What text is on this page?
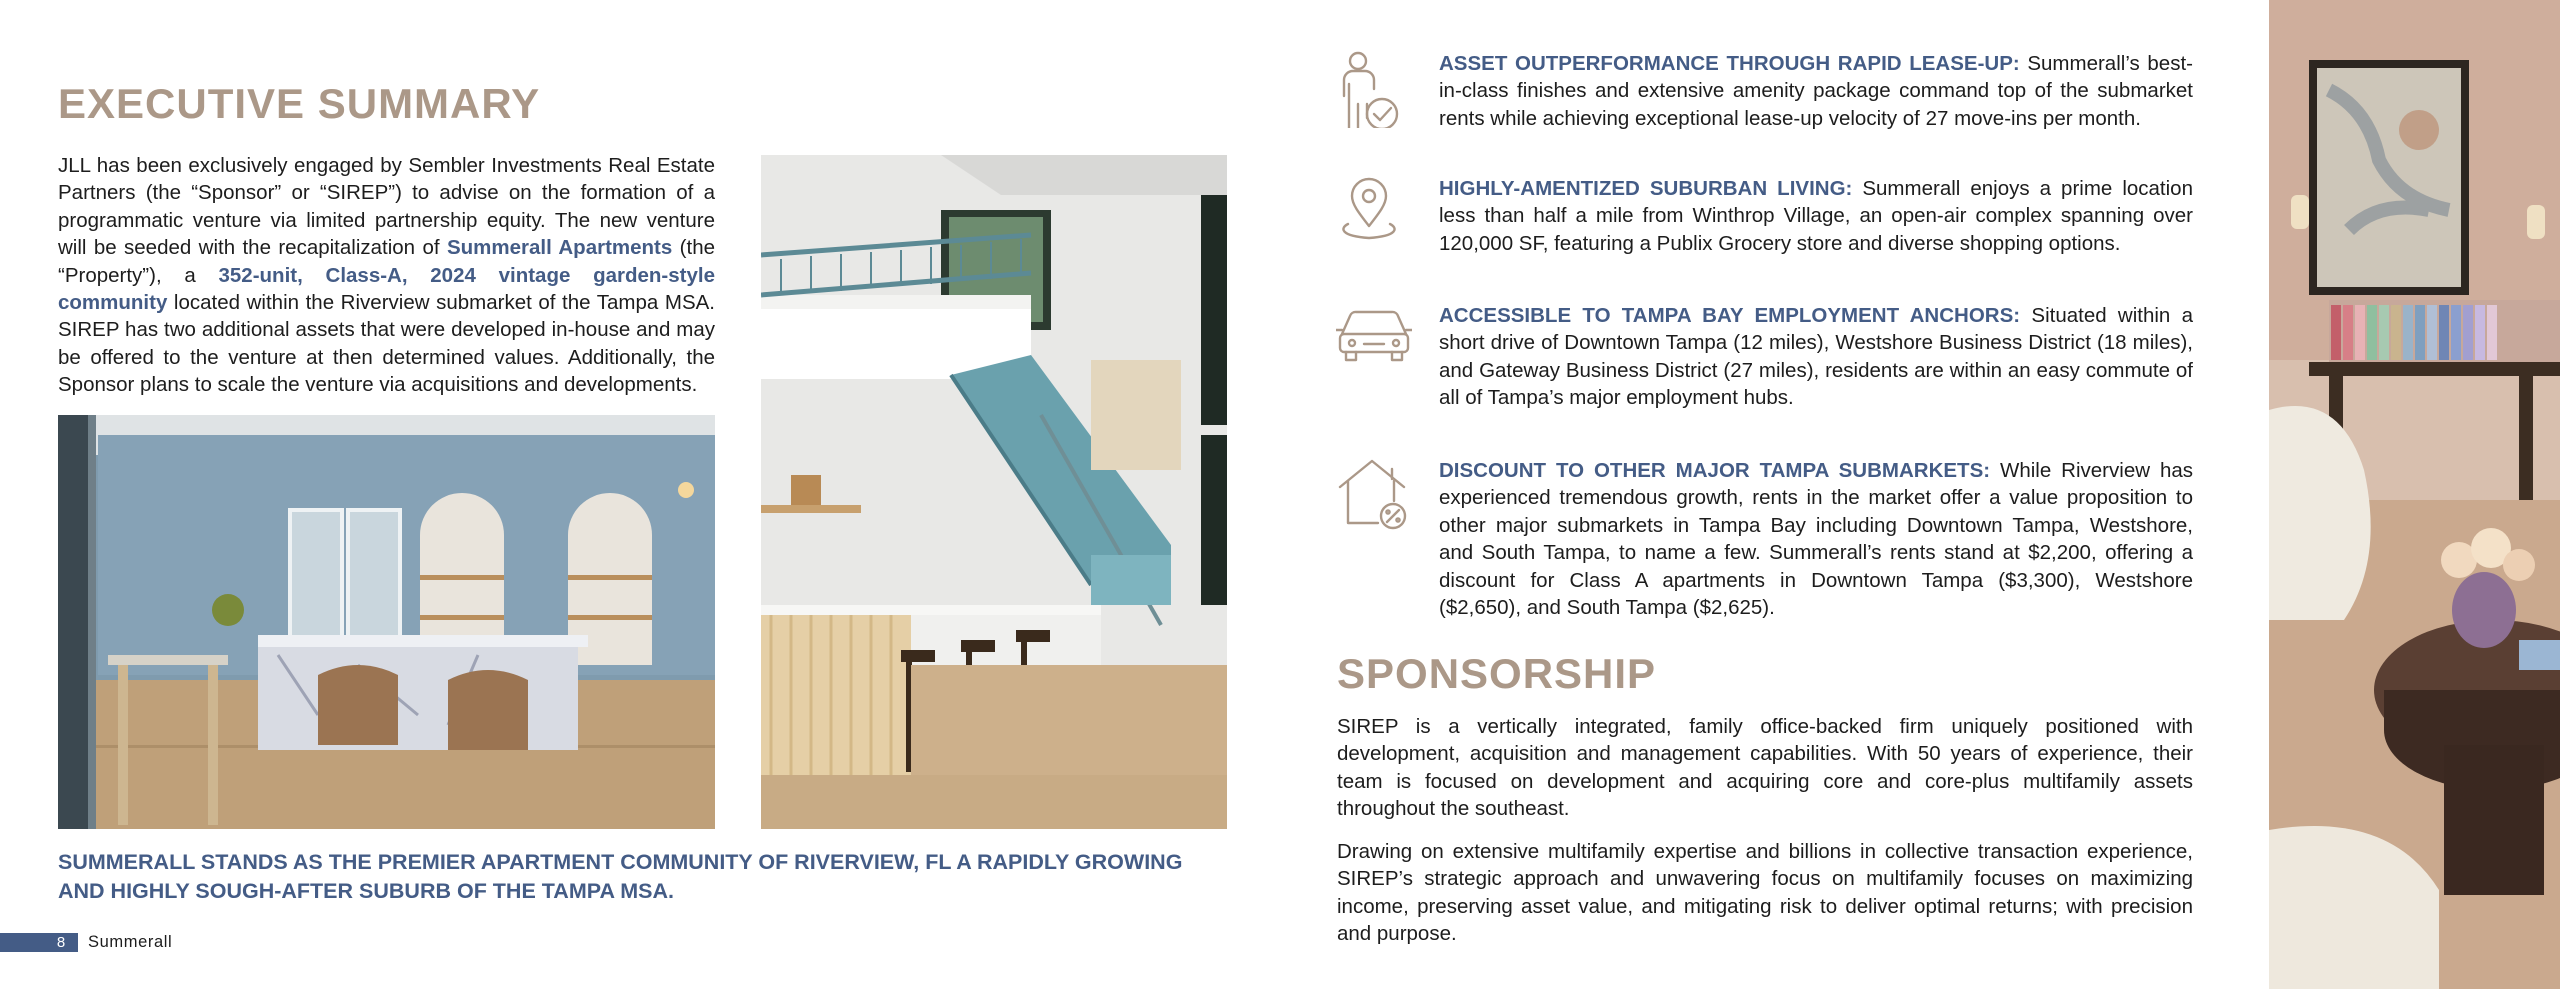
EXECUTIVE SUMMARY
JLL has been exclusively engaged by Sembler Investments Real Estate Partners (the “Sponsor” or “SIREP”) to advise on the formation of a programmatic venture via limited partnership equity. The new venture will be seeded with the recapitalization of Summerall Apartments (the “Property”), a 352-unit, Class-A, 2024 vintage garden-style community located within the Riverview submarket of the Tampa MSA. SIREP has two additional assets that were developed in-house and may be offered to the venture at then determined values. Additionally, the Sponsor plans to scale the venture via acquisitions and developments.
SUMMERALL STANDS AS THE PREMIER APARTMENT COMMUNITY OF RIVERVIEW, FL A RAPIDLY GROWING AND HIGHLY SOUGH-AFTER SUBURB OF THE TAMPA MSA.
8 Summerall
ASSET OUTPERFORMANCE THROUGH RAPID LEASE-UP: Summerall’s best-in-class finishes and extensive amenity package command top of the submarket rents while achieving exceptional lease-up velocity of 27 move-ins per month.
HIGHLY-AMENTIZED SUBURBAN LIVING: Summerall enjoys a prime location less than half a mile from Winthrop Village, an open-air complex spanning over 120,000 SF, featuring a Publix Grocery store and diverse shopping options.
ACCESSIBLE TO TAMPA BAY EMPLOYMENT ANCHORS: Situated within a short drive of Downtown Tampa (12 miles), Westshore Business District (18 miles), and Gateway Business District (27 miles), residents are within an easy commute of all of Tampa’s major employment hubs.
DISCOUNT TO OTHER MAJOR TAMPA SUBMARKETS: While Riverview has experienced tremendous growth, rents in the market offer a value proposition to other major submarkets in Tampa Bay including Downtown Tampa, Westshore, and South Tampa, to name a few. Summerall’s rents stand at $2,200, offering a discount for Class A apartments in Downtown Tampa ($3,300), Westshore ($2,650), and South Tampa ($2,625).
SPONSORSHIP
SIREP is a vertically integrated, family office-backed firm uniquely positioned with development, acquisition and management capabilities. With 50 years of experience, their team is focused on development and acquiring core and core-plus multifamily assets throughout the southeast.
Drawing on extensive multifamily expertise and billions in collective transaction experience, SIREP’s strategic approach and unwavering focus on multifamily focuses on maximizing income, preserving asset value, and mitigating risk to deliver optimal returns; with precision and purpose.
